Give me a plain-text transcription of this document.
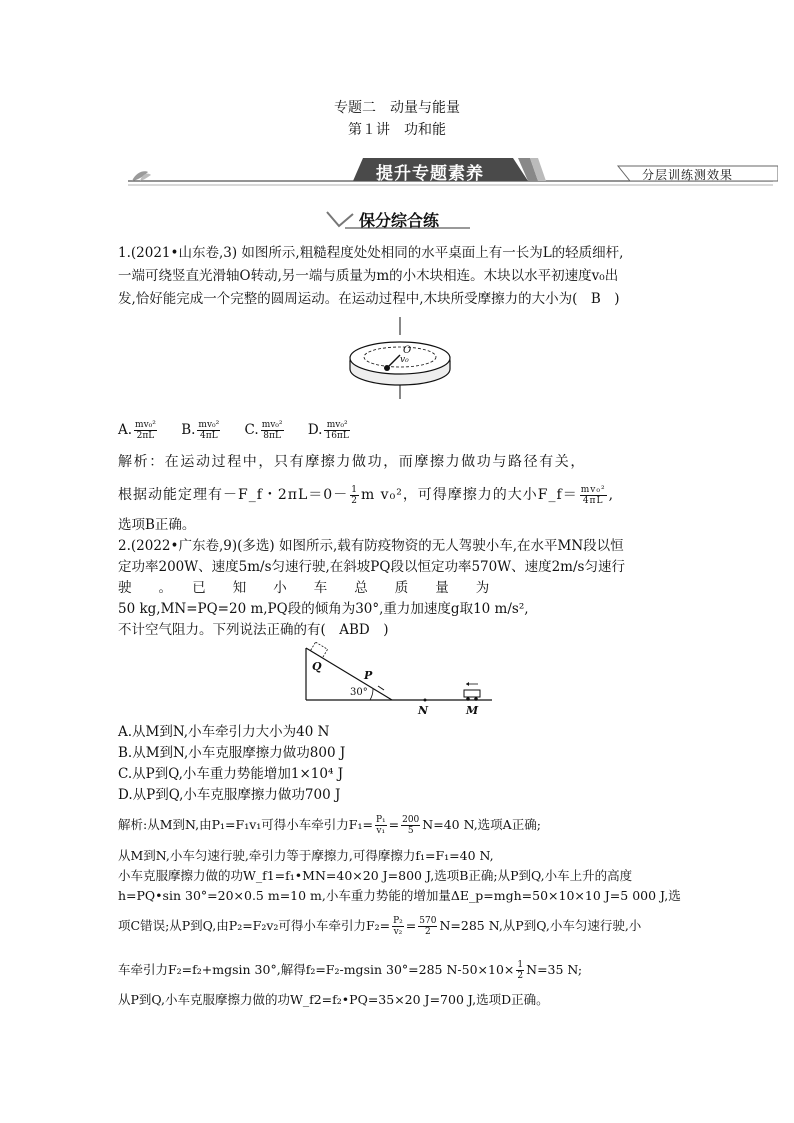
专题二　动量与能量
第１讲　功和能
提升专题素养	分层训练测效果
保分综合练
1.(2021•山东卷,3) 如图所示,粗糙程度处处相同的水平桌面上有一长为L的轻质细杆,
一端可绕竖直光滑轴O转动,另一端与质量为m的小木块相连。木块以水平初速度v₀出
发,恰好能完成一个完整的圆周运动。在运动过程中,木块所受摩擦力的大小为(　B　)
O
v₀
A. $\frac{\text{mv₀²}}{2\pi L} B$. $\frac{\text{mv₀²}}{4\pi L} C$. $\frac{\text{mv₀²}}{8\pi L} D$. $\frac{\text{mv₀²}}{16\pi L}$
解析：在运动过程中，只有摩擦力做功，而摩擦力做功与路径有关，
根据动能定理有－F_f・$2\pi L=0- \frac{1}{2}$ m v₀²，可得摩擦力的大小F_f＝ $\frac{\text{mv₀²}}{4\pi L}$ ,
选项B正确。
2.(2022•广东卷,9)(多选) 如图所示,载有防疫物资的无人驾驶小车,在水平MN段以恒
定功率200W、速度5m/s匀速行驶,在斜坡PQ段以恒定功率570W、速度2m/s匀速行
驶　　。　　已　　知　　小　　车　　总　　质　　量　　为
50 kg,MN=PQ=20 m,PQ段的倾角为30°,重力加速度g取10 m/s²,
不计空气阻力。下列说法正确的有(　ABD　)
Q
P
30°
N	M
A.从M到N,小车牵引力大小为40 N
B.从M到N,小车克服摩擦力做功800 J
C.从P到Q,小车重力势能增加1×10⁴ J
D.从P到Q,小车克服摩擦力做功700 J
解析:从M到N,由P₁=F₁v₁可得小车牵引力$F_1= \frac{\text{P₁}}{\text{v₁}} = \frac{200}{5} N=40$ N,选项A正确;
从M到N,小车匀速行驶,牵引力等于摩擦力,可得摩擦力f₁=F₁=40 N,
小车克服摩擦力做的功W_f1=f₁•MN=40×20 J=800 J,选项B正确;从P到Q,小车上升的高度
h=PQ•sin 30°=20×0.5 m=10 m,小车重力势能的增加量ΔE_p=mgh=50×10×10 J=5 000 J,选
项C错误;从P到Q,由P₂=F₂v₂可得小车牵引力$F_2= \frac{\text{P₂}}{\text{v₂}} = \frac{570}{2} N=285$ N,从P到Q,小车匀速行驶,小
车牵引力F₂=f₂+mgsin 30°,解得f₂=F₂-mgsin 30°=285 $N-50\times 10\times \frac{1}{2} N=35$ N;
从P到Q,小车克服摩擦力做的功W_f2=f₂•PQ=35×20 J=700 J,选项D正确。
